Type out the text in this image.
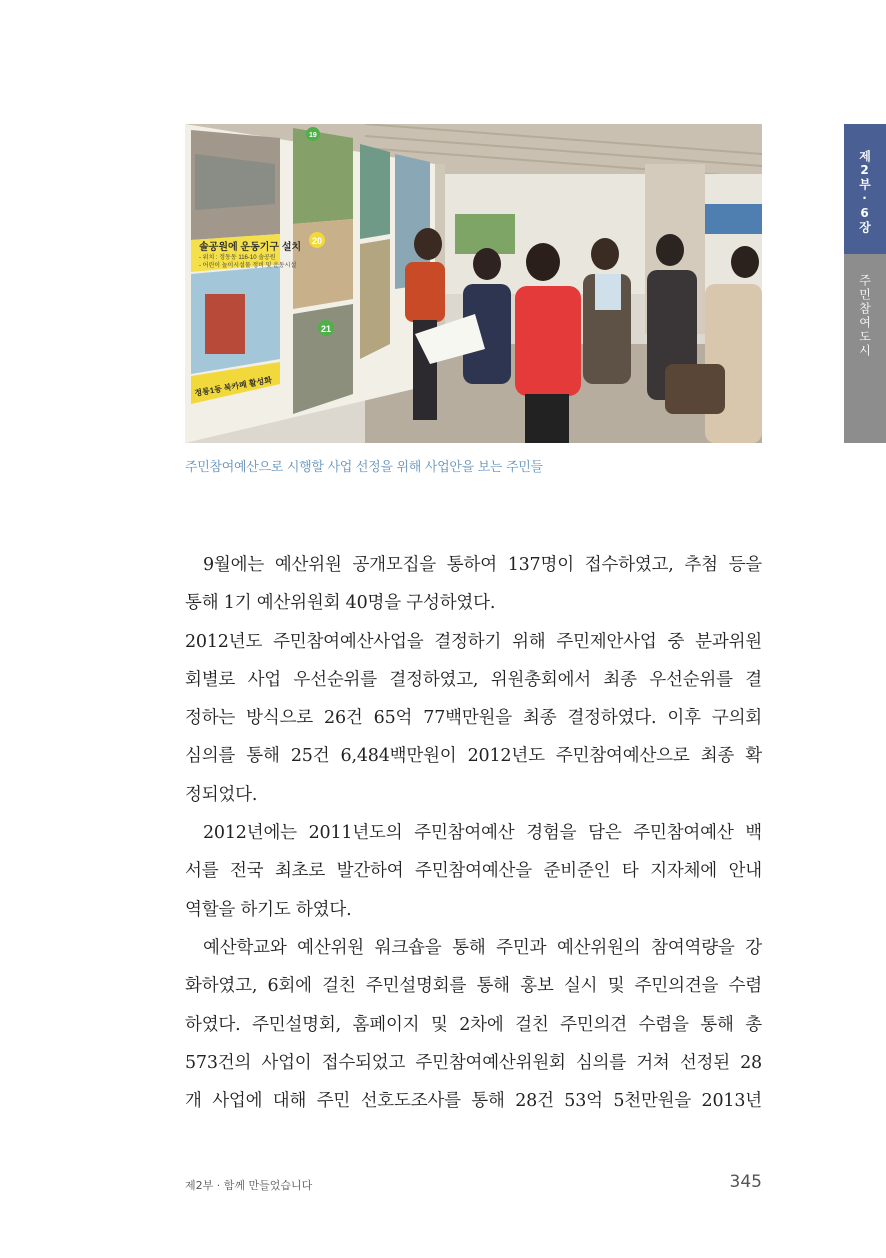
제2부·6장
주민참여도시
솔공원에 운동기구 설치
- 위치 : 정동동 116-10 솔공원
- 어린이 놀이시설물 정비 및 운동시설
20
21
19
정릉1동 북카페 활성화
주민참여예산으로 시행할 사업 선정을 위해 사업안을 보는 주민들

9월에는 예산위원 공개모집을 통하여 137명이 접수하였고, 추첨 등을

통해 1기 예산위원회 40명을 구성하였다.

2012년도 주민참여예산사업을 결정하기 위해 주민제안사업 중 분과위원

회별로 사업 우선순위를 결정하였고, 위원총회에서 최종 우선순위를 결

정하는 방식으로 26건 65억 77백만원을 최종 결정하였다. 이후 구의회

심의를 통해 25건 6,484백만원이 2012년도 주민참여예산으로 최종 확

정되었다.

2012년에는 2011년도의 주민참여예산 경험을 담은 주민참여예산 백

서를 전국 최초로 발간하여 주민참여예산을 준비준인 타 지자체에 안내

역할을 하기도 하였다.

예산학교와 예산위원 워크숍을 통해 주민과 예산위원의 참여역량을 강

화하였고, 6회에 걸친 주민설명회를 통해 홍보 실시 및 주민의견을 수렴

하였다. 주민설명회, 홈페이지 및 2차에 걸친 주민의견 수렴을 통해 총

573건의 사업이 접수되었고 주민참여예산위원회 심의를 거쳐 선정된 28

개 사업에 대해 주민 선호도조사를 통해 28건 53억 5천만원을 2013년

제2부 · 함께 만들었습니다	345
